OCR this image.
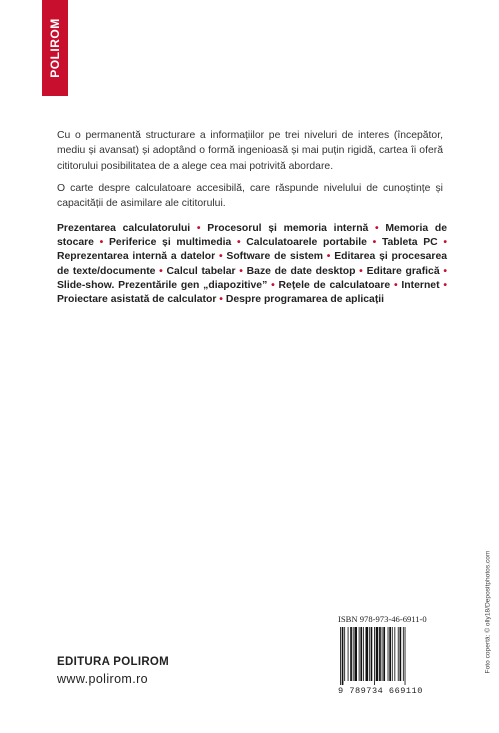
POLIROM

Cu o permanentă structurare a informațiilor pe trei niveluri de interes (începător, mediu și avansat) și adoptând o formă ingenioasă și mai puțin rigidă, cartea îi oferă cititorului posibilitatea de a alege cea mai potrivită abordare.

O carte despre calculatoare accesibilă, care răspunde nivelului de cunoștințe și capacității de asimilare ale cititorului.

Prezentarea calculatorului • Procesorul și memoria internă • Memoria de stocare • Periferice și multimedia • Calculatoarele portabile • Tableta PC • Reprezentarea internă a datelor • Software de sistem • Editarea și procesarea de texte/documente • Calcul tabelar • Baze de date desktop • Editare grafică • Slide-show. Prezentările gen „diapozitive” • Rețele de calculatoare • Internet • Proiectare asistată de calculator • Despre programarea de aplicații
EDITURA POLIROM
www.polirom.ro
ISBN 978-973-46-6911-0
9 789734 669110
Foto copertă: © olly18/Depositphotos.com
